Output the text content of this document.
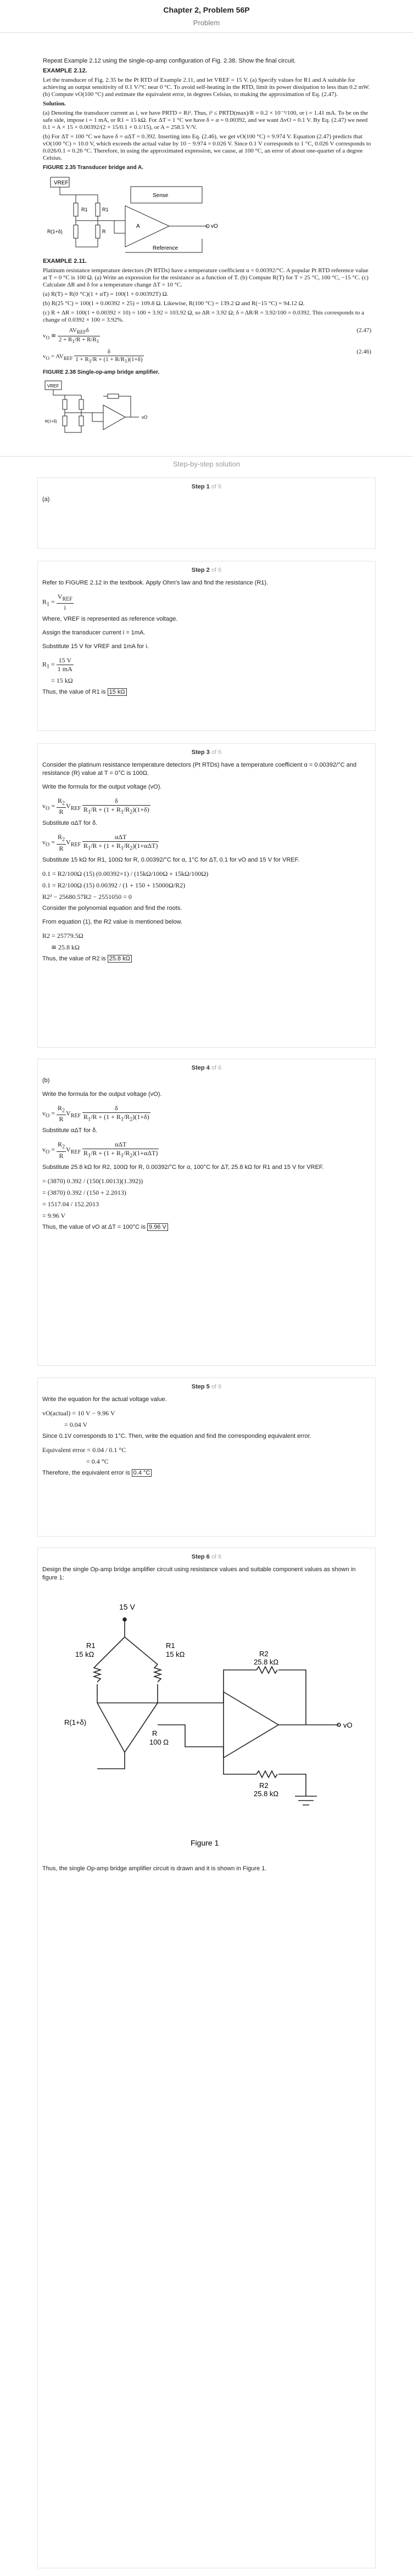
Chapter 2, Problem 56P
Problem

Repeat Example 2.12 using the single-op-amp configuration of Fig. 2.38. Show the final circuit.

EXAMPLE 2.12.

Let the transducer of Fig. 2.35 be the Pt RTD of Example 2.11, and let VREF = 15 V. (a) Specify values for R1 and A suitable for achieving an output sensitivity of 0.1 V/°C near 0 °C. To avoid self-heating in the RTD, limit its power dissipation to less than 0.2 mW. (b) Compute vO(100 °C) and estimate the equivalent error, in degrees Celsius, to making the approximation of Eq. (2.47).

Solution.

(a) Denoting the transducer current as i, we have PRTD = Ri². Thus, i² ≤ PRTD(max)/R = 0.2 × 10⁻³/100, or i = 1.41 mA. To be on the safe side, impose i = 1 mA, or R1 = 15 kΩ. For ΔT = 1 °C we have δ = α = 0.00392, and we want ΔvO = 0.1 V. By Eq. (2.47) we need 0.1 = A × 15 × 0.00392/(2 + 15/0.1 + 0.1/15), or A = 258.5 V/V.

(b) For ΔT = 100 °C we have δ = αΔT = 0.392. Inserting into Eq. (2.46), we get vO(100 °C) = 9.974 V. Equation (2.47) predicts that vO(100 °C) = 10.0 V, which exceeds the actual value by 10 − 9.974 = 0.026 V. Since 0.1 V corresponds to 1 °C, 0.026 V corresponds to 0.026/0.1 = 0.26 °C. Therefore, in using the approximated expression, we cause, at 100 °C, an error of about one-quarter of a degree Celsius.

FIGURE 2.35 Transducer bridge and A.
VREF
R1	R1
R(1+δ)	R
Sense
A	vO
Reference

EXAMPLE 2.11.

Platinum resistance temperature detectors (Pt RTDs) have a temperature coefficient α = 0.00392/°C. A popular Pt RTD reference value at T = 0 °C is 100 Ω. (a) Write an expression for the resistance as a function of T. (b) Compute R(T) for T = 25 °C, 100 °C, −15 °C. (c) Calculate ΔR and δ for a temperature change ΔT = 10 °C.

(a) R(T) = R(0 °C)(1 + αT) = 100(1 + 0.00392T) Ω.

(b) R(25 °C) = 100(1 + 0.00392 × 25) = 109.8 Ω. Likewise, R(100 °C) = 139.2 Ω and R(−15 °C) = 94.12 Ω.

(c) R + ΔR = 100(1 + 0.00392 × 10) = 100 + 3.92 = 103.92 Ω, so ΔR = 3.92 Ω; δ = ΔR/R = 3.92/100 = 0.0392. This corresponds to a change of 0.0392 × 100 = 3.92%.

$v_O$ ≅ $\frac{AV_{REF}\delta}{2 + R_1/R + R/R_1}$	(2.47)
$v_O = AV_{REF} \frac{\delta}{1 + R_1/R + (1 + R/R_1)(1+\delta)}$	(2.46)
FIGURE 2.38 Single-op-amp bridge amplifier.
VREF
R(1+δ)
vO
Step-by-step solution
Step 1 of 6

(a)

Step 2 of 6

Refer to FIGURE 2.12 in the textbook. Apply Ohm's law and find the resistance (R1).

$R_1 = \frac{V_{REF}}{i}$

Where, VREF is represented as reference voltage.

Assign the transducer current i = 1mA.

Substitute 15 V for VREF and 1mA for i.

$R_1 = \frac{15 V}{1 mA}$
= 15 kΩ

Thus, the value of R1 is 15 kΩ

Step 3 of 6

Consider the platinum resistance temperature detectors (Pt RTDs) have a temperature coefficient α = 0.00392/°C and resistance (R) value at T = 0°C is 100Ω.

Write the formula for the output voltage (vO).

$v_O = \frac{R_2}{R} V_{REF} \frac{\delta}{R_1/R + (1 + R_1/R_2)(1+\delta)}$

Substitute αΔT for δ.

$v_O = \frac{R_2}{R} V_{REF} \frac{\text{αΔT}}{R_1/R + (1 + R_1/R_2)(1+\alpha\Delta T)}$

Substitute 15 kΩ for R1, 100Ω for R, 0.00392/°C for α, 1°C for ΔT, 0.1 for vO and 15 V for VREF.

0.1 = R2/100Ω (15) (0.00392×1) / (15kΩ/100Ω + 15kΩ/100Ω)
0.1 = R2/100Ω (15) 0.00392 / (1 + 150 + 15000Ω/R2)
R2² − 25680.57R2 − 2551050 = 0

Consider the polynomial equation and find the roots.

From equation (1), the R2 value is mentioned below.

R2 = 25779.5Ω
≅ 25.8 kΩ

Thus, the value of R2 is 25.8 kΩ

Step 4 of 6

(b)

Write the formula for the output voltage (vO).

$v_O = \frac{R_2}{R} V_{REF} \frac{\delta}{R_1/R + (1 + R_1/R_2)(1+\delta)}$

Substitute αΔT for δ.

$v_O = \frac{R_2}{R} V_{REF} \frac{\text{αΔT}}{R_1/R + (1 + R_1/R_2)(1+\alpha\Delta T)}$

Substitute 25.8 kΩ for R2, 100Ω for R, 0.00392/°C for α, 100°C for ΔT, 25.8 kΩ for R1 and 15 V for VREF.

= (3870) 0.392 / (150(1.0013)(1.392))
= (3870) 0.392 / (150 + 2.2013)
= 1517.04 / 152.2013
= 9.96 V

Thus, the value of vO at ΔT = 100°C is 9.96 V

Step 5 of 6

Write the equation for the actual voltage value.

vO(actual) = 10 V − 9.96 V
= 0.04 V

Since 0.1V corresponds to 1°C. Then, write the equation and find the corresponding equivalent error.

Equivalent error = 0.04 / 0.1 °C
= 0.4 °C

Therefore, the equivalent error is 0.4 °C

Step 6 of 6

Design the single Op-amp bridge amplifier circuit using resistance values and suitable component values as shown in figure 1:

15 V
R1
15 kΩ
R1
15 kΩ
R(1+δ)
R
100 Ω
R2
25.8 kΩ
R2
25.8 kΩ
vO
Figure 1

Thus, the single Op-amp bridge amplifier circuit is drawn and it is shown in Figure 1.
